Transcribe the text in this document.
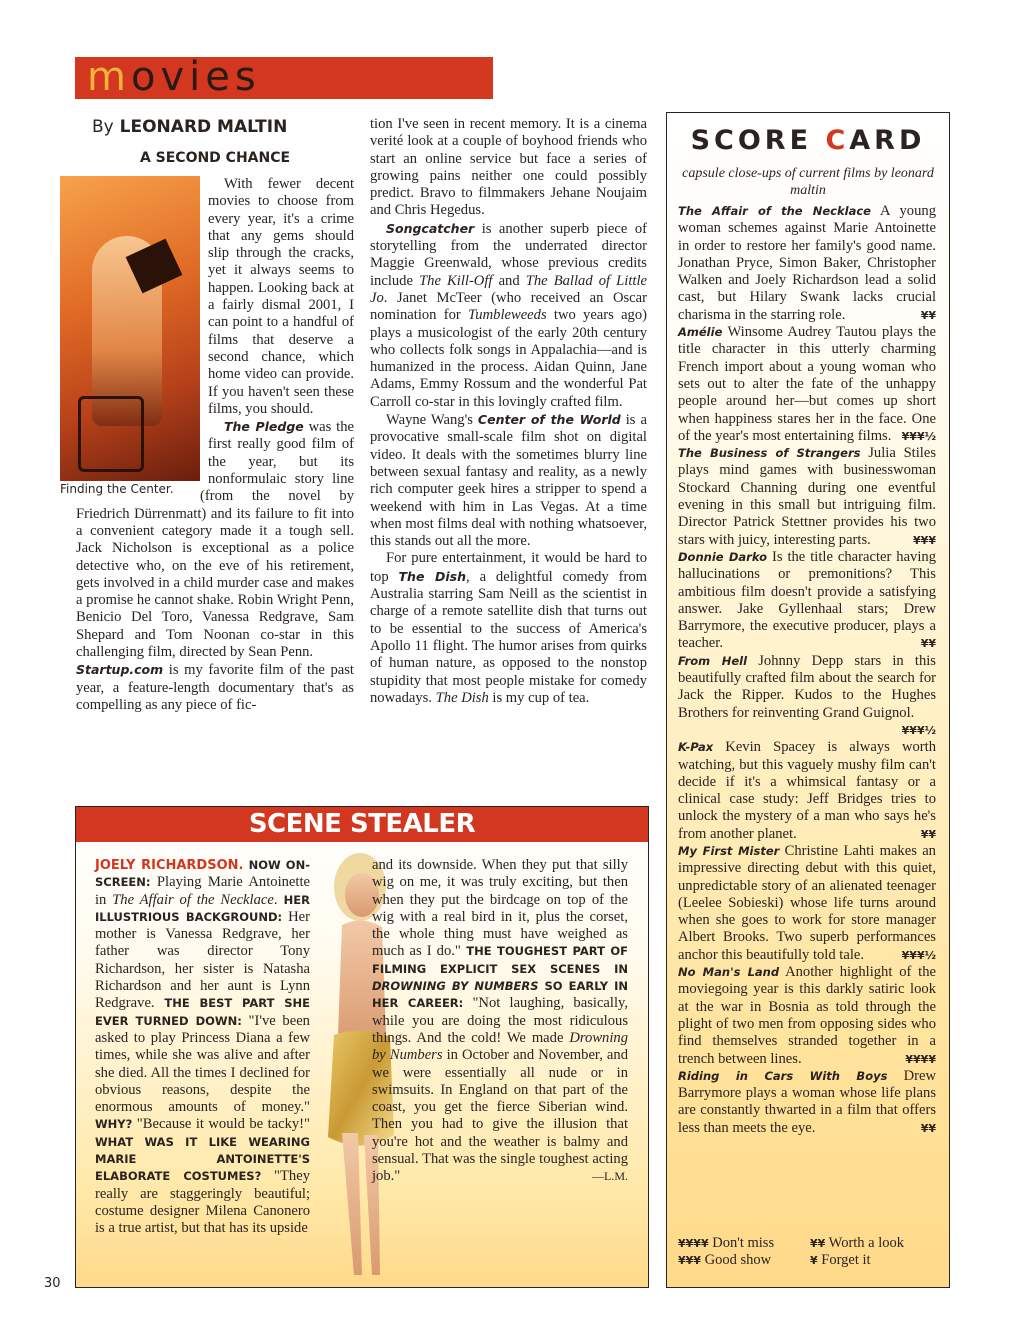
movies
By LEONARD MALTIN
A SECOND CHANCE
Finding the Center.

With fewer decent movies to choose from every year, it's a crime that any gems should slip through the cracks, yet it always seems to happen. Looking back at a fairly dismal 2001, I can point to a handful of films that deserve a second chance, which home video can provide. If you haven't seen these films, you should.

The Pledge was the first really good film of the year, but its nonformulaic story line (from the novel by Friedrich Dürrenmatt) and its failure to fit into a convenient category made it a tough sell. Jack Nicholson is exceptional as a police detective who, on the eve of his retirement, gets involved in a child murder case and makes a promise he cannot shake. Robin Wright Penn, Benicio Del Toro, Vanessa Redgrave, Sam Shepard and Tom Noonan co-star in this challenging film, directed by Sean Penn.

Startup.com is my favorite film of the past year, a feature-length documentary that's as compelling as any piece of fic-

tion I've seen in recent memory. It is a cinema verité look at a couple of boyhood friends who start an online service but face a series of growing pains neither one could possibly predict. Bravo to filmmakers Jehane Noujaim and Chris Hegedus.

Songcatcher is another superb piece of storytelling from the underrated director Maggie Greenwald, whose previous credits include The Kill-Off and The Ballad of Little Jo. Janet McTeer (who received an Oscar nomination for Tumbleweeds two years ago) plays a musicologist of the early 20th century who collects folk songs in Appalachia—and is humanized in the process. Aidan Quinn, Jane Adams, Emmy Rossum and the wonderful Pat Carroll co-star in this lovingly crafted film.

Wayne Wang's Center of the World is a provocative small-scale film shot on digital video. It deals with the sometimes blurry line between sexual fantasy and reality, as a newly rich computer geek hires a stripper to spend a weekend with him in Las Vegas. At a time when most films deal with nothing whatsoever, this stands out all the more.

For pure entertainment, it would be hard to top The Dish, a delightful comedy from Australia starring Sam Neill as the scientist in charge of a remote satellite dish that turns out to be essential to the success of America's Apollo 11 flight. The humor arises from quirks of human nature, as opposed to the nonstop stupidity that most people mistake for comedy nowadays. The Dish is my cup of tea.

SCORE CARD
capsule close-ups of current films by leonard maltin
The Affair of the Necklace A young woman schemes against Marie Antoinette in order to restore her family's good name. Jonathan Pryce, Simon Baker, Christopher Walken and Joely Richardson lead a solid cast, but Hilary Swank lacks crucial charisma in the starring role.	¥¥
Amélie Winsome Audrey Tautou plays the title character in this utterly charming French import about a young woman who sets out to alter the fate of the unhappy people around her—but comes up short when happiness stares her in the face. One of the year's most entertaining films. ¥¥¥½
The Business of Strangers Julia Stiles plays mind games with businesswoman Stockard Channing during one eventful evening in this small but intriguing film. Director Patrick Stettner provides his two stars with juicy, interesting parts.	¥¥¥
Donnie Darko Is the title character having hallucinations or premonitions? This ambitious film doesn't provide a satisfying answer. Jake Gyllenhaal stars; Drew Barrymore, the executive producer, plays a teacher.	¥¥
From Hell Johnny Depp stars in this beautifully crafted film about the search for Jack the Ripper. Kudos to the Hughes Brothers for reinventing Grand Guignol.
¥¥¥½
K-Pax Kevin Spacey is always worth watching, but this vaguely mushy film can't decide if it's a whimsical fantasy or a clinical case study: Jeff Bridges tries to unlock the mystery of a man who says he's from another planet.	¥¥
My First Mister Christine Lahti makes an impressive directing debut with this quiet, unpredictable story of an alienated teenager (Leelee Sobieski) whose life turns around when she goes to work for store manager Albert Brooks. Two superb performances anchor this beautifully told tale.	¥¥¥½
No Man's Land Another highlight of the moviegoing year is this darkly satiric look at the war in Bosnia as told through the plight of two men from opposing sides who find themselves stranded together in a trench between lines.	¥¥¥¥
Riding in Cars With Boys Drew Barrymore plays a woman whose life plans are constantly thwarted in a film that offers less than meets the eye.	¥¥
¥¥¥¥ Don't miss	¥¥ Worth a look
¥¥¥ Good show	¥ Forget it
SCENE STEALER
JOELY RICHARDSON. NOW ON-SCREEN: Playing Marie Antoinette in The Affair of the Necklace. HER ILLUSTRIOUS BACKGROUND: Her mother is Vanessa Redgrave, her father was director Tony Richardson, her sister is Natasha Richardson and her aunt is Lynn Redgrave. THE BEST PART SHE EVER TURNED DOWN: "I've been asked to play Princess Diana a few times, while she was alive and after she died. All the times I declined for obvious reasons, despite the enormous amounts of money." WHY? "Because it would be tacky!" WHAT WAS IT LIKE WEARING MARIE ANTOINETTE'S ELABORATE COSTUMES? "They really are staggeringly beautiful; costume designer Milena Canonero is a true artist, but that has its upside
and its downside. When they put that silly wig on me, it was truly exciting, but then when they put the birdcage on top of the wig with a real bird in it, plus the corset, the whole thing must have weighed as much as I do." THE TOUGHEST PART OF FILMING EXPLICIT SEX SCENES IN DROWNING BY NUMBERS SO EARLY IN HER CAREER: "Not laughing, basically, while you are doing the most ridiculous things. And the cold! We made Drowning by Numbers in October and November, and we were essentially all nude or in swimsuits. In England on that part of the coast, you get the fierce Siberian wind. Then you had to give the illusion that you're hot and the weather is balmy and sensual. That was the single toughest acting job."	—L.M.
30
